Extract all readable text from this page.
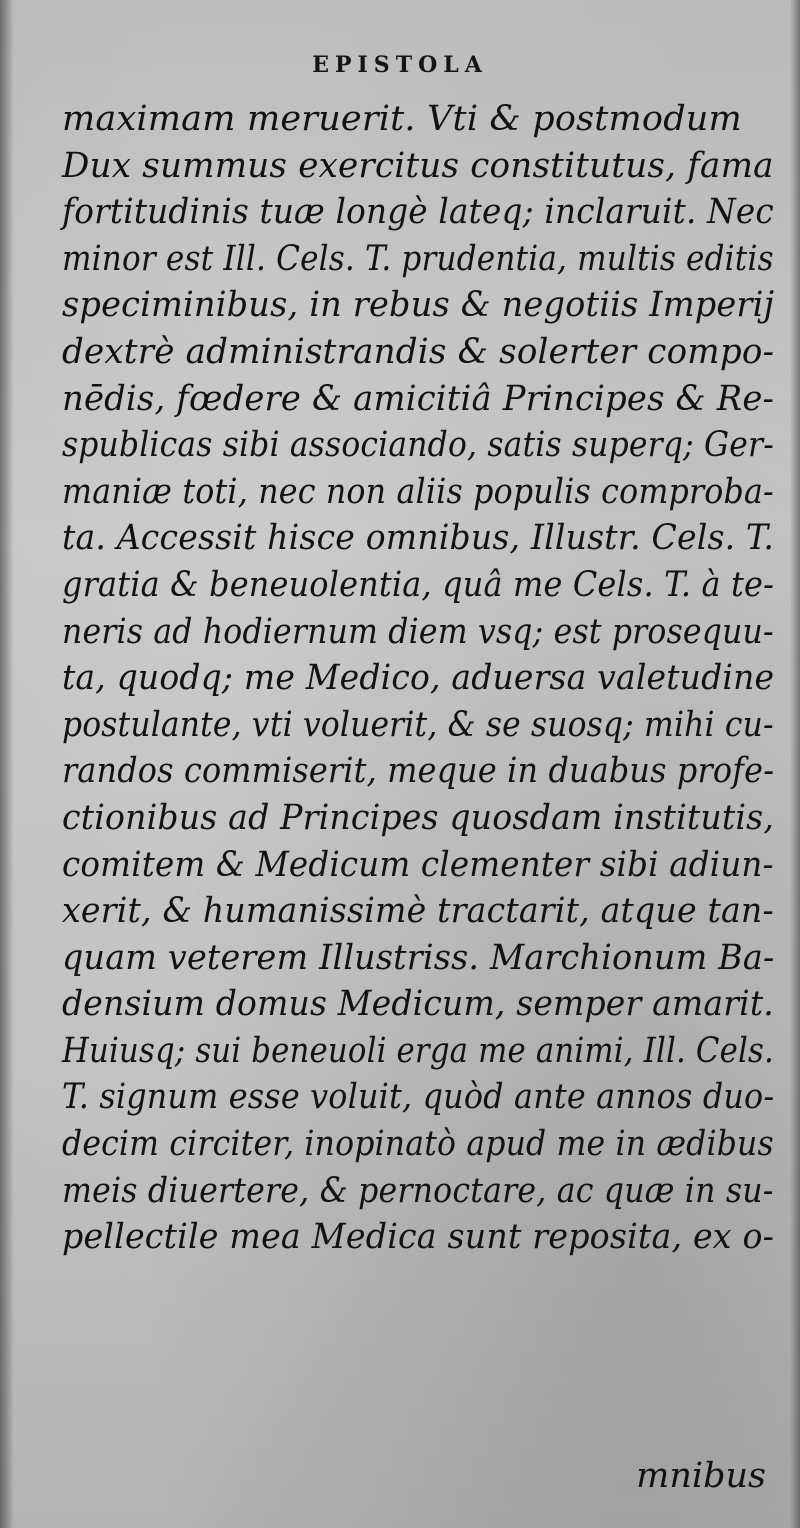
EPISTOLA
maximam meruerit. Vti & postmodum
Dux summus exercitus constitutus, fama
fortitudinis tuæ longè lateq; inclaruit. Nec
minor est Ill. Cels. T. prudentia, multis editis
speciminibus, in rebus & negotiis Imperij
dextrè administrandis & solerter compo-
nēdis, fœdere & amicitiâ Principes & Re-
spublicas sibi associando, satis superq; Ger-
maniæ toti, nec non aliis populis comproba-
ta. Accessit hisce omnibus, Illustr. Cels. T.
gratia & beneuolentia, quâ me Cels. T. à te-
neris ad hodiernum diem vsq; est prosequu-
ta, quodq; me Medico, aduersa valetudine
postulante, vti voluerit, & se suosq; mihi cu-
randos commiserit, meque in duabus profe-
ctionibus ad Principes quosdam institutis,
comitem & Medicum clementer sibi adiun-
xerit, & humanissimè tractarit, atque tan-
quam veterem Illustriss. Marchionum Ba-
densium domus Medicum, semper amarit.
Huiusq; sui beneuoli erga me animi, Ill. Cels.
T. signum esse voluit, quòd ante annos duo-
decim circiter, inopinatò apud me in ædibus
meis diuertere, & pernoctare, ac quæ in su-
pellectile mea Medica sunt reposita, ex o-
mnibus
